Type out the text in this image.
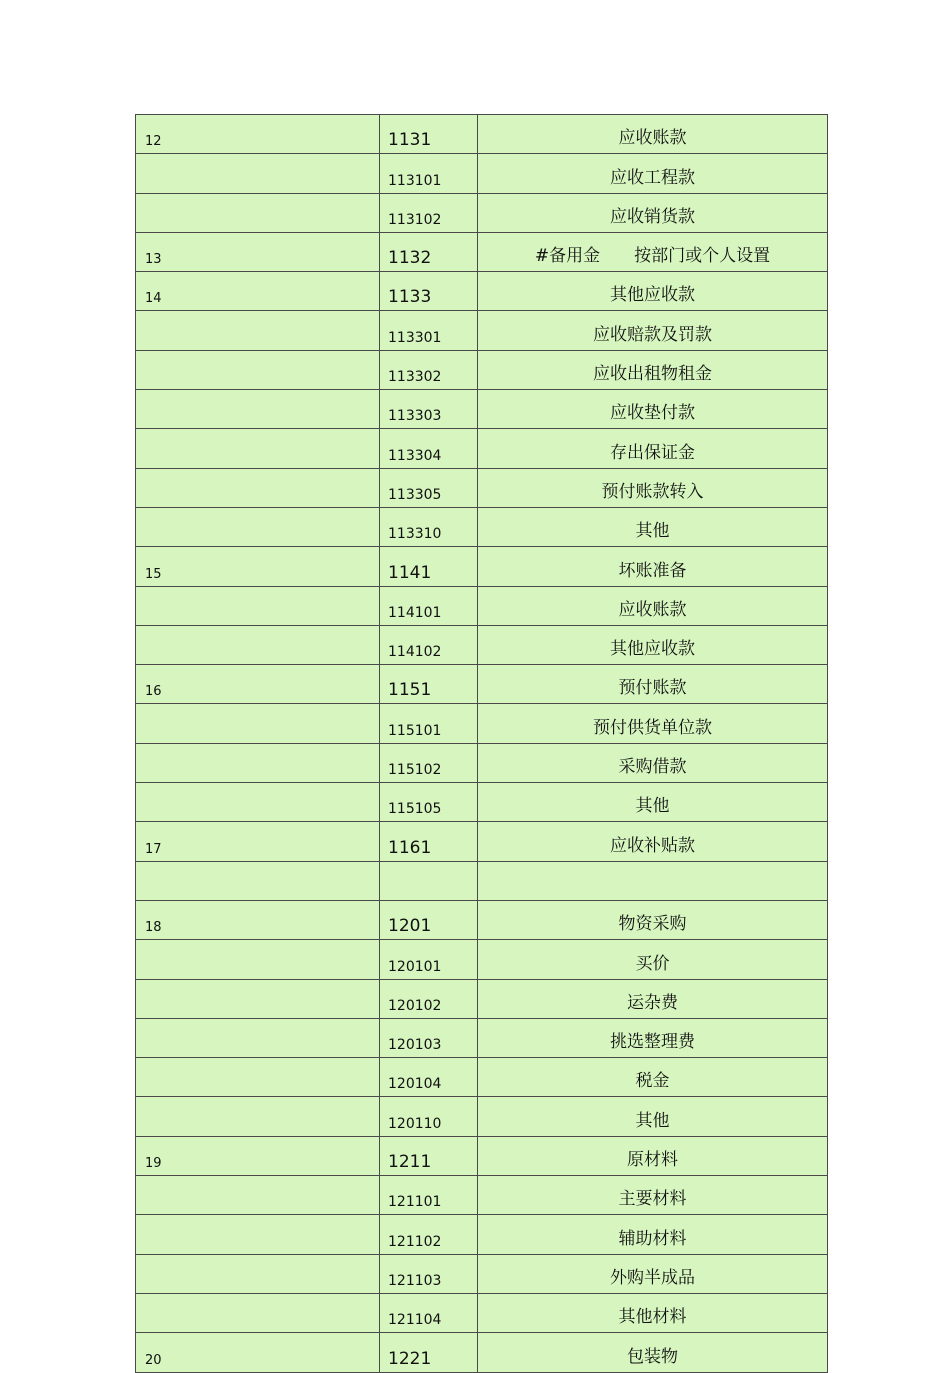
12	1131	应收账款
	113101	应收工程款
	113102	应收销货款
13	1132	#备用金　　按部门或个人设置
14	1133	其他应收款
	113301	应收赔款及罚款
	113302	应收出租物租金
	113303	应收垫付款
	113304	存出保证金
	113305	预付账款转入
	113310	其他
15	1141	坏账准备
	114101	应收账款
	114102	其他应收款
16	1151	预付账款
	115101	预付供货单位款
	115102	采购借款
	115105	其他
17	1161	应收补贴款

18	1201	物资采购
	120101	买价
	120102	运杂费
	120103	挑选整理费
	120104	税金
	120110	其他
19	1211	原材料
	121101	主要材料
	121102	辅助材料
	121103	外购半成品
	121104	其他材料
20	1221	包装物
